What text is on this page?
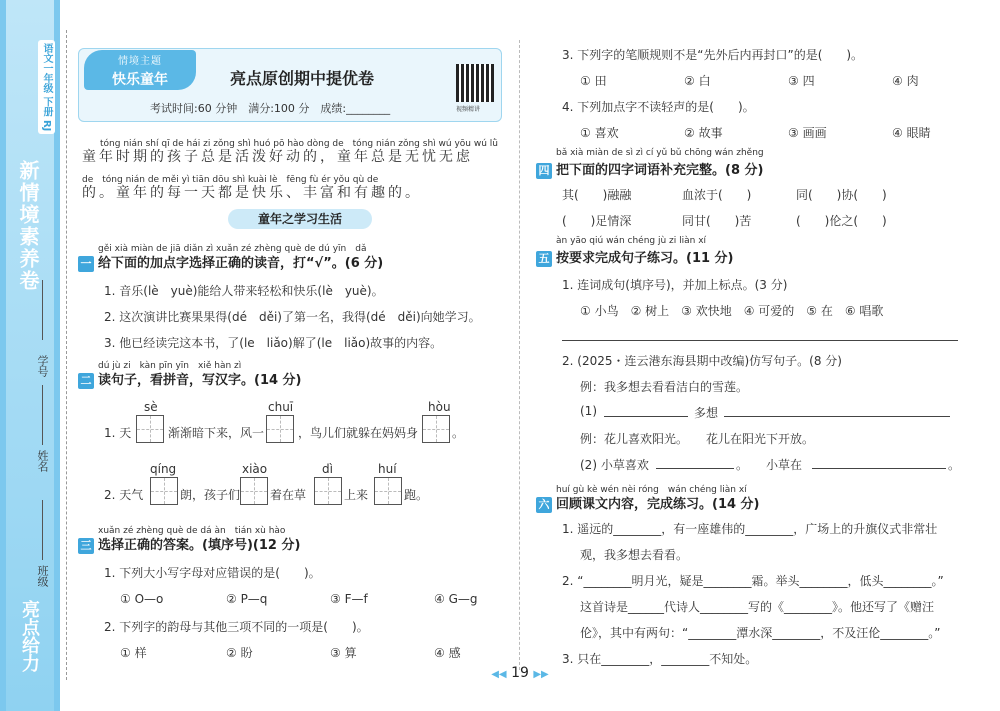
语文一年级 下册 RJ
新情境素养卷
亮点给力
学号
姓名
班级
情境主题
快乐童年	亮点原创期中提优卷
视频精讲
考试时间:60 分钟　满分:100 分　成绩:________
tóng nián shí qī de hái zi zǒng shì huó pō hào dòng de　tóng nián zǒng shì wú yōu wú lǜ
童年时期的孩子总是活泼好动的，童年总是无忧无虑
de　tóng nián de měi yì tiān dōu shì kuài lè　fēng fù ér yǒu qù de
的。童年的每一天都是快乐、丰富和有趣的。
童年之学习生活
gěi xià miàn de jiā diǎn zì xuǎn zé zhèng què de dú yīn　dǎ
一 给下面的加点字选择正确的读音，打“√”。(6 分)
1. 音乐(lè　yuè)能给人带来轻松和快乐(lè　yuè)。
2. 这次演讲比赛果果得(dé　děi)了第一名，我得(dé　děi)向她学习。
3. 他已经读完这本书，了(le　liǎo)解了(le　liǎo)故事的内容。
dú jù zi　kàn pīn yīn　xiě hàn zì
二 读句子，看拼音，写汉字。(14 分)
sè	chuī	hòu
1. 天	渐渐暗下来，风一	，鸟儿们就躲在妈妈身	。
qíng	xiào	dì	huí
2. 天气	朗，孩子们 着在草	上来	跑。
xuǎn zé zhèng què de dá àn　tián xù hào
三 选择正确的答案。(填序号)(12 分)
1. 下列大小写字母对应错误的是(　　)。
① O—o	② P—q	③ F—f	④ G—g
2. 下列字的韵母与其他三项不同的一项是(　　)。
① 样	② 盼	③ 算	④ 感
3. 下列字的笔顺规则不是“先外后内再封口”的是(　　)。
① 田	② 白	③ 四	④ 肉
4. 下列加点字不读轻声的是(　　)。
① 喜欢	② 故事	③ 画画	④ 眼睛
bǎ xià miàn de sì zì cí yǔ bǔ chōng wán zhěng
四 把下面的四字词语补充完整。(8 分)
其(　　)融融	血浓于(　　)	同(　　)协(　　)
(　　)足情深	同甘(　　)苦	(　　)伦之(　　)
àn yāo qiú wán chéng jù zi liàn xí
五 按要求完成句子练习。(11 分)
1. 连词成句(填序号)，并加上标点。(3 分)
① 小鸟　② 树上　③ 欢快地　④ 可爱的　⑤ 在　⑥ 唱歌
2. (2025・连云港东海县期中改编)仿写句子。(8 分)
例：我多想去看看洁白的雪莲。
(1)	多想
例：花儿喜欢阳光。　　花儿在阳光下开放。
(2) 小草喜欢	。　　小草在	。
huí gù kè wén nèi róng　wán chéng liàn xí
六 回顾课文内容，完成练习。(14 分)
1. 遥远的________，有一座雄伟的________，广场上的升旗仪式非常壮
观，我多想去看看。
2. “________明月光，疑是________霜。举头________，低头________。”
这首诗是______代诗人________写的《________》。他还写了《赠汪
伦》，其中有两句：“________潭水深________，不及汪伦________。”
3. 只在________，________不知处。
◀◀ 19 ▶▶
